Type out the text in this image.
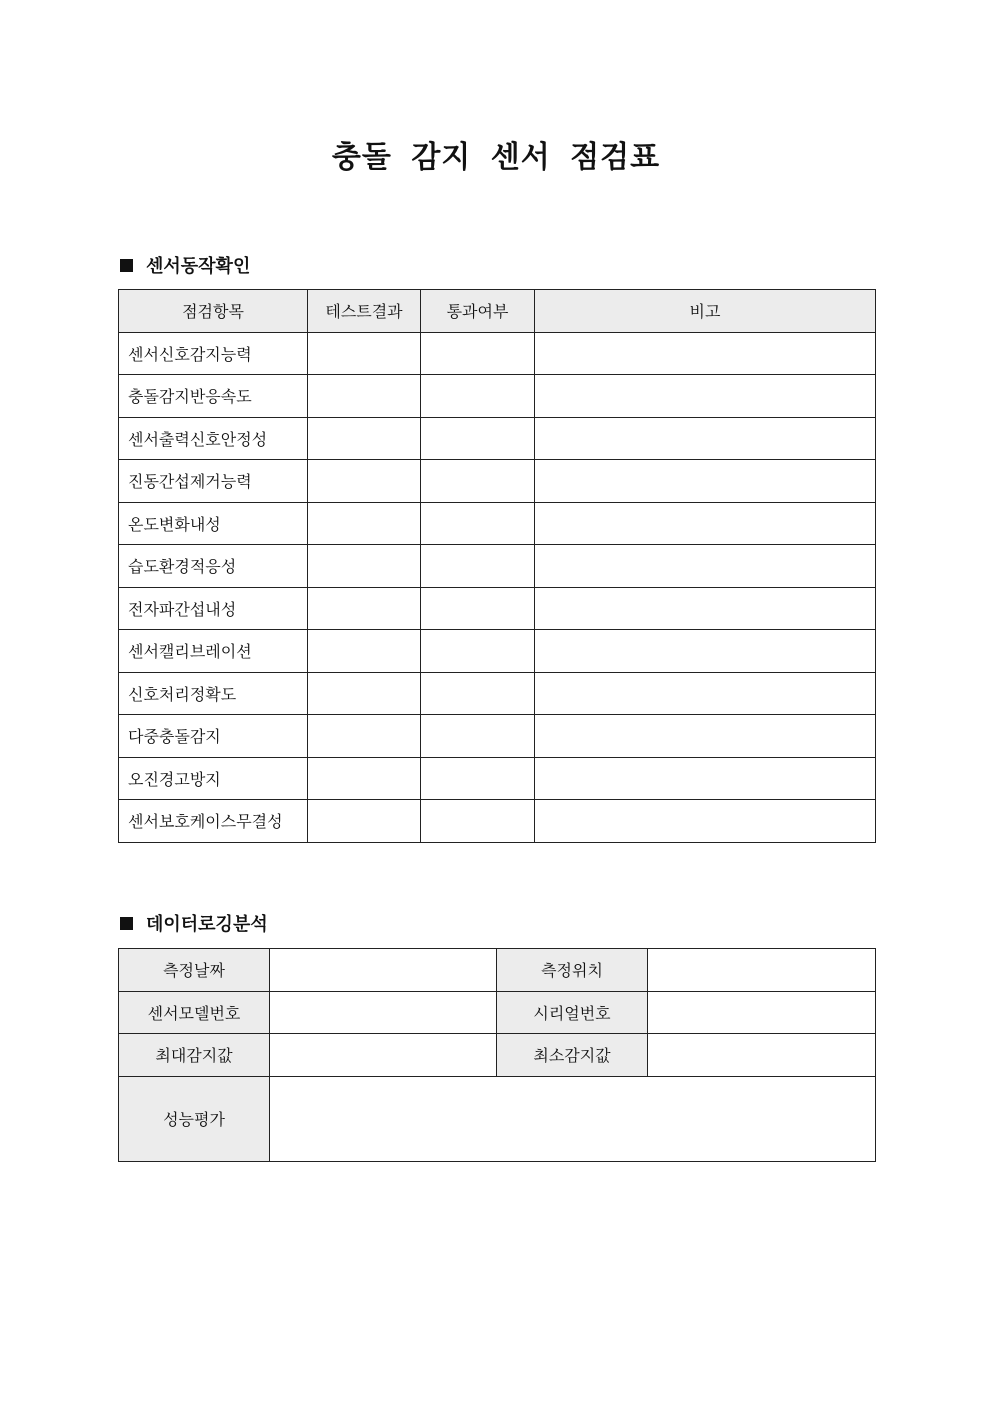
충돌 감지 센서 점검표
센서동작확인
점검항목	테스트결과	통과여부	비고
센서신호감지능력			
충돌감지반응속도			
센서출력신호안정성			
진동간섭제거능력			
온도변화내성			
습도환경적응성			
전자파간섭내성			
센서캘리브레이션			
신호처리정확도			
다중충돌감지			
오진경고방지			
센서보호케이스무결성			
데이터로깅분석
측정날짜		측정위치	
센서모델번호		시리얼번호	
최대감지값		최소감지값	
성능평가			
